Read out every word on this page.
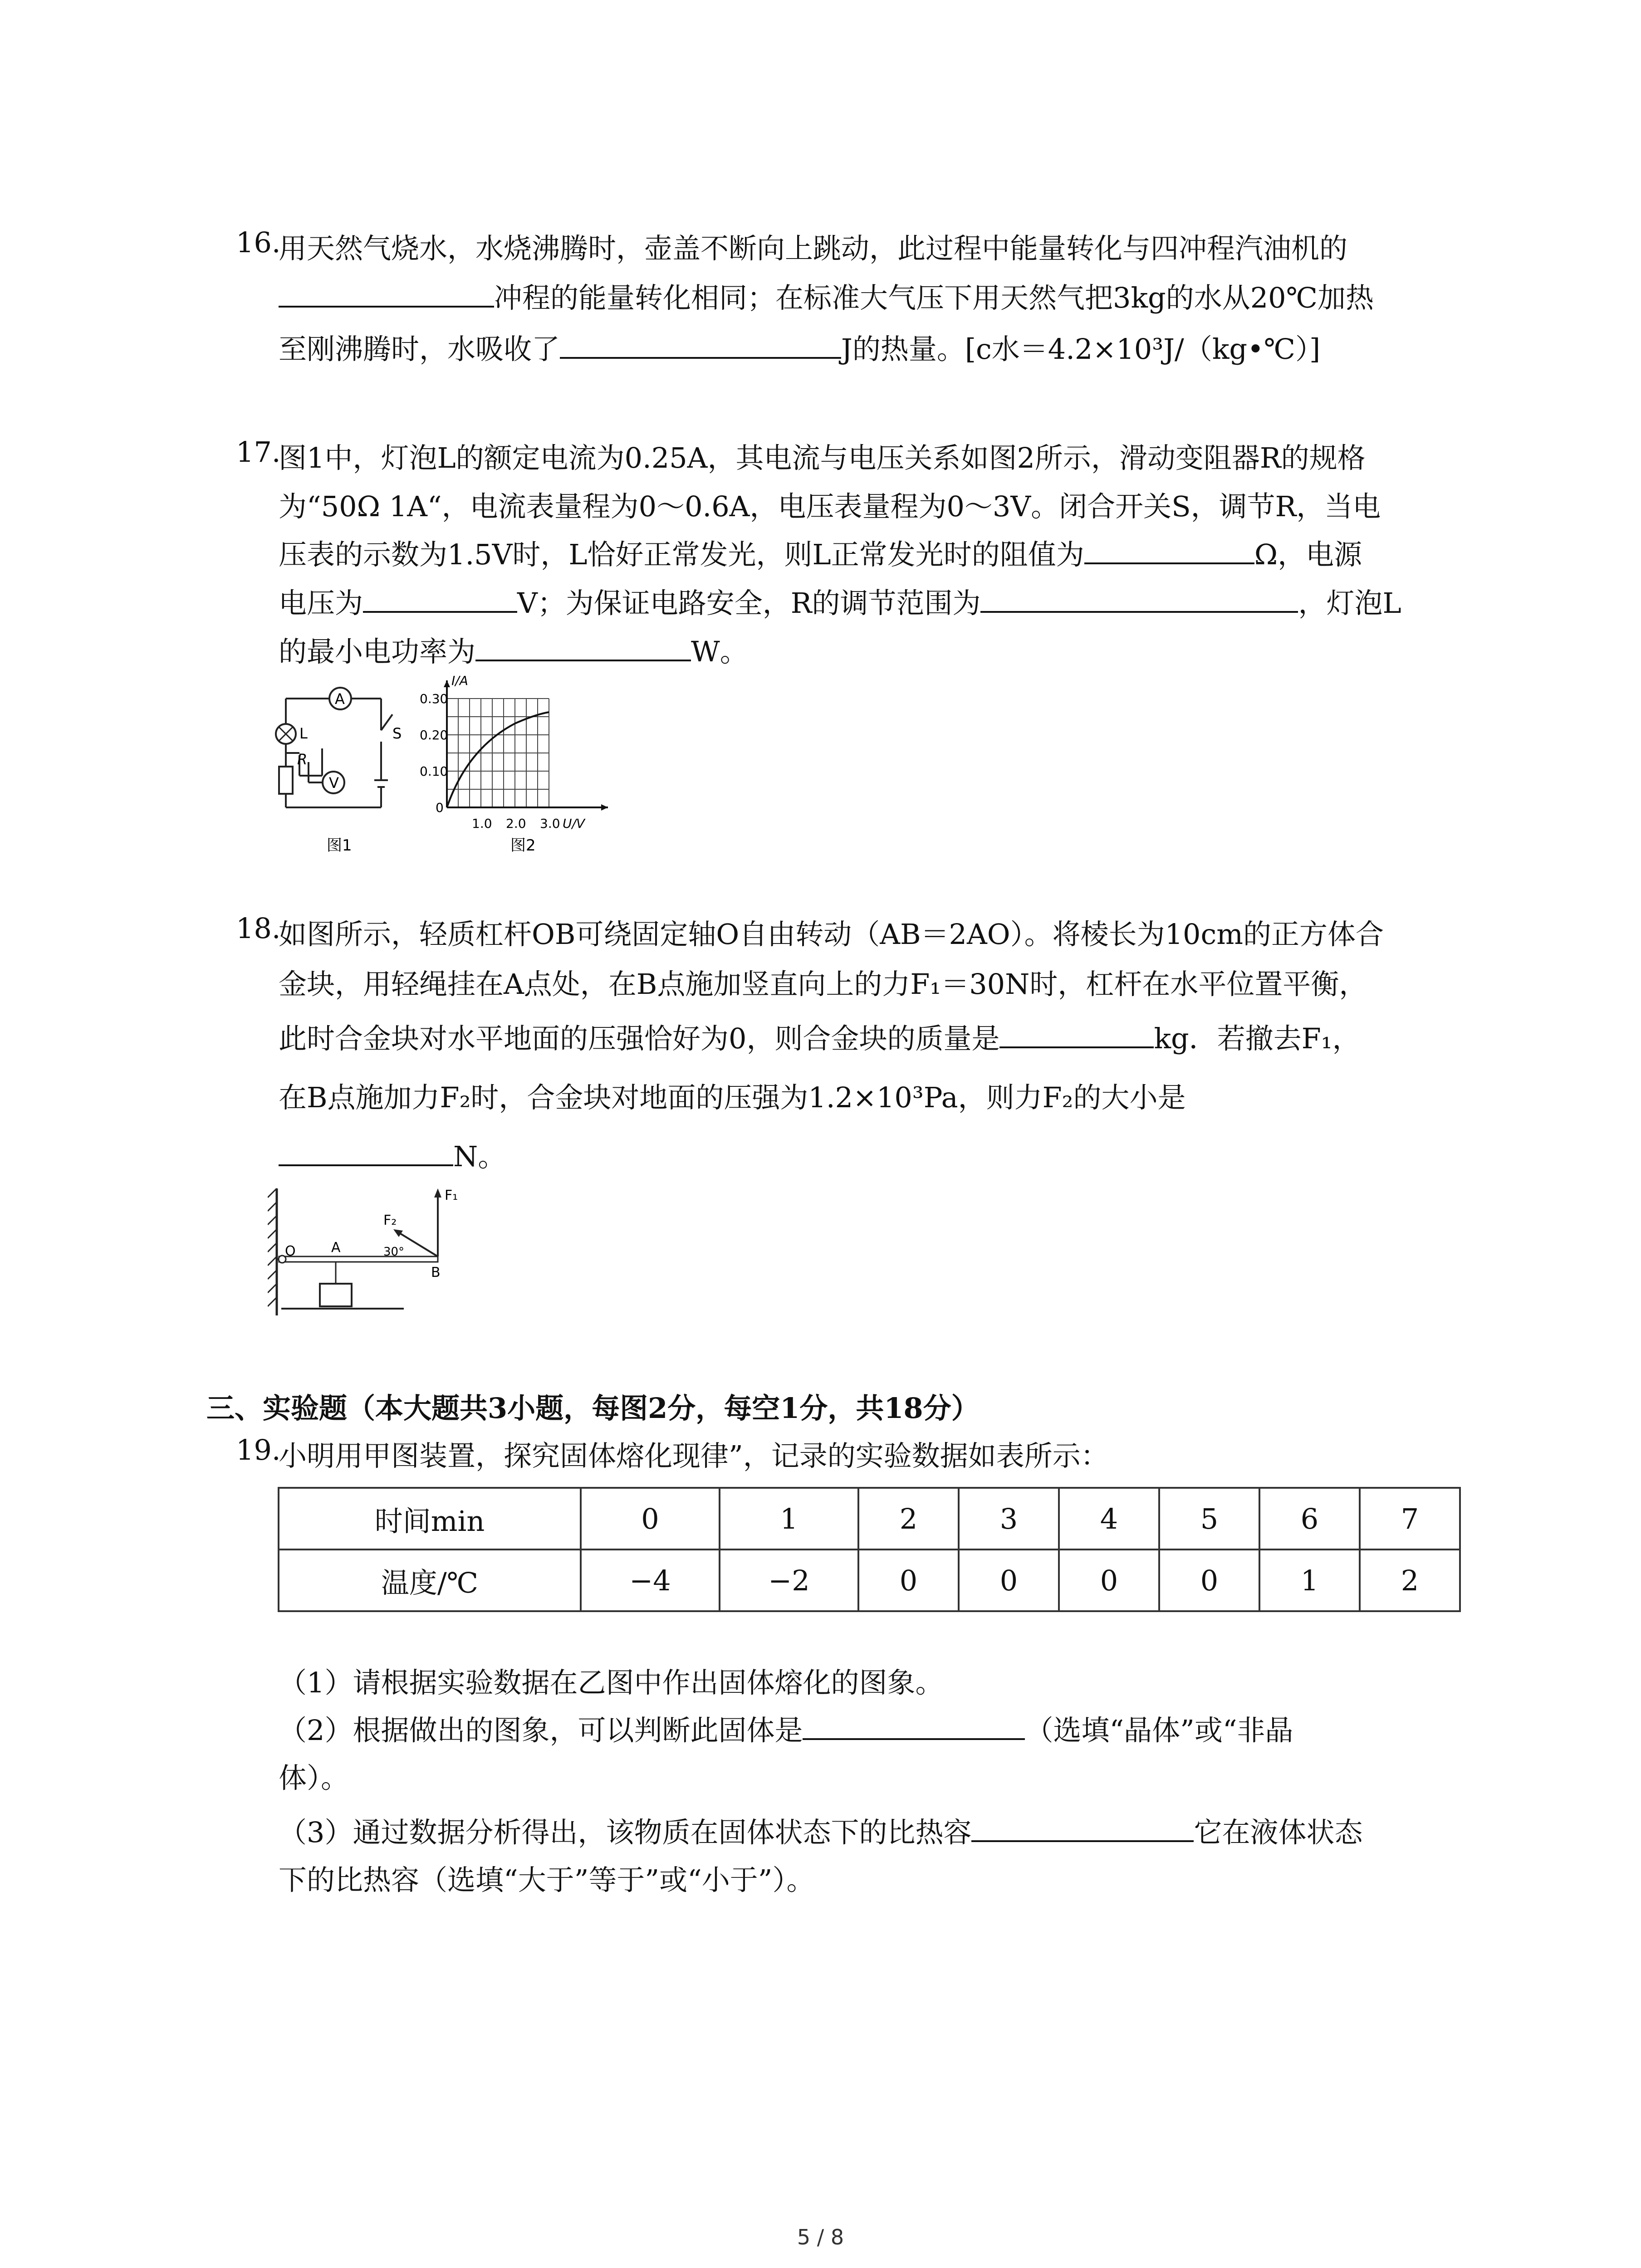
16.
用天然气烧水，水烧沸腾时，壶盖不断向上跳动，此过程中能量转化与四冲程汽油机的
冲程的能量转化相同；在标准大气压下用天然气把3kg的水从20℃加热
至刚沸腾时，水吸收了	J的热量。[c水＝4.2×10³J/（kg•℃）]
17.
图1中，灯泡L的额定电流为0.25A，其电流与电压关系如图2所示，滑动变阻器R的规格
为“50Ω 1A“，电流表量程为0～0.6A，电压表量程为0～3V。闭合开关S，调节R，当电
压表的示数为1.5V时，L恰好正常发光，则L正常发光时的阻值为	Ω，电源
电压为	V；为保证电路安全，R的调节范围为	，灯泡L
的最小电功率为	W。
A
L
R
V
S
图1
I/A
0.30
0.20
0.10
0
1.0 2.0 3.0 U/V
图2
18.
如图所示，轻质杠杆OB可绕固定轴O自由转动（AB＝2AO）。将棱长为10cm的正方体合
金块，用轻绳挂在A点处，在B点施加竖直向上的力F₁＝30N时，杠杆在水平位置平衡，
此时合金块对水平地面的压强恰好为0，则合金块的质量是	kg．若撤去F₁，
在B点施加力F₂时，合金块对地面的压强为1.2×10³Pa，则力F₂的大小是
N。
O	A
B
F₁
F₂
30°
三、实验题（本大题共3小题，每图2分，每空1分，共18分）
19.
小明用甲图装置，探究固体熔化现律”，记录的实验数据如表所示：
时间min	0	1	2	3	4	5	6	7
温度/℃	−4	−2	0	0	0	0	1	2
（1）请根据实验数据在乙图中作出固体熔化的图象。
（2）根据做出的图象，可以判断此固体是	（选填“晶体”或“非晶
体）。
（3）通过数据分析得出，该物质在固体状态下的比热容	它在液体状态
下的比热容（选填“大于”等于”或“小于”）。
5 / 8
